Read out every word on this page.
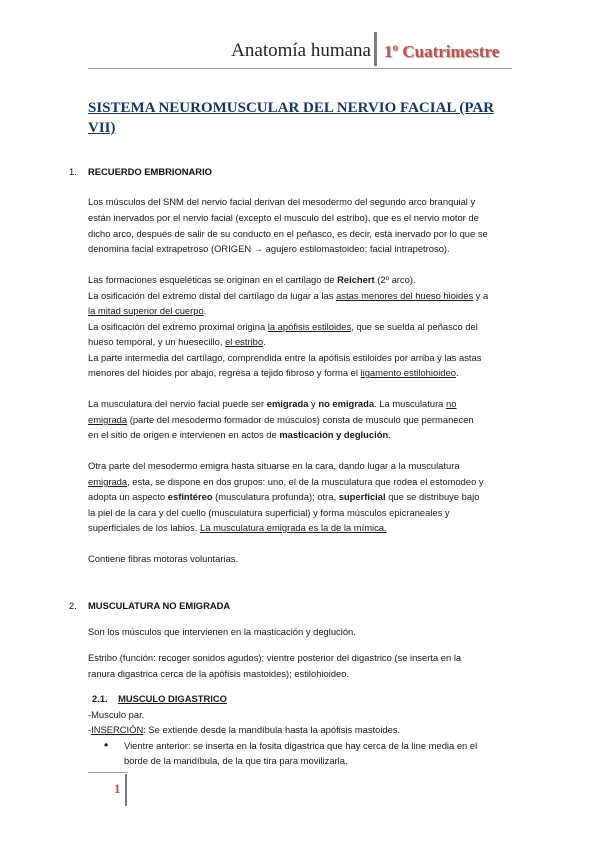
Anatomía humana 1º Cuatrimestre
SISTEMA NEUROMUSCULAR DEL NERVIO FACIAL (PAR VII)
1. RECUERDO EMBRIONARIO
Los músculos del SNM del nervio facial derivan del mesodermo del segundo arco branquial y
están inervados por el nervio facial (excepto el musculo del estribo), que es el nervio motor de
dicho arco, después de salir de su conducto en el peñasco, es decir, esta inervado por lo que se
denomina facial extrapetroso (ORIGEN → agujero estilomastoideo; facial intrapetroso).
Las formaciones esqueléticas se originan en el cartílago de Reichert (2º arco).
La osificación del extremo distal del cartílago da lugar a las astas menores del hueso hioides y a
la mitad superior del cuerpo.
La osificación del extremo proximal origina la apófisis estiloides, que se suelda al peñasco del
hueso temporal, y un huesecillo, el estribo.
La parte intermedia del cartílago, comprendida entre la apófisis estiloides por arriba y las astas
menores del hioides por abajo, regresa a tejido fibroso y forma el ligamento estilohioideo.
La musculatura del nervio facial puede ser emigrada y no emigrada. La musculatura no
emigrada (parte del mesodermo formador de músculos) consta de musculo que permanecen
en el sitio de origen e intervienen en actos de masticación y deglución.
Otra parte del mesodermo emigra hasta situarse en la cara, dando lugar a la musculatura
emigrada, esta, se dispone en dos grupos: uno, el de la musculatura que rodea el estomodeo y
adopta un aspecto esfintéreo (musculatura profunda); otra, superficial que se distribuye bajo
la piel de la cara y del cuello (musculatura superficial) y forma músculos epicraneales y
superficiales de los labios. La musculatura emigrada es la de la mímica.
Contiene fibras motoras voluntarias.
2. MUSCULATURA NO EMIGRADA
Son los músculos que intervienen en la masticación y deglución.
Estribo (función: recoger sonidos agudos); vientre posterior del digastrico (se inserta en la
ranura digastrica cerca de la apófisis mastoides); estilohioideo.
2.1. MUSCULO DIGASTRICO
-Musculo par.
-INSERCIÓN: Se extiende desde la mandíbula hasta la apófisis mastoides.
• Vientre anterior: se inserta en la fosita digastrica que hay cerca de la line media en el
borde de la mandíbula, de la que tira para movilizarla.
1
